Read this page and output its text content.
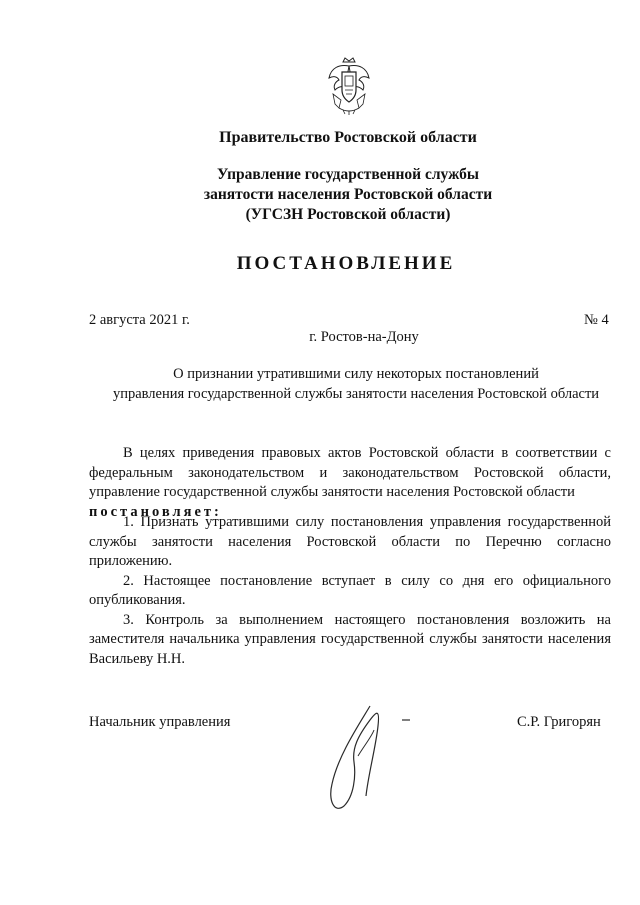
Правительство Ростовской области
Управление государственной службы
занятости населения Ростовской области
(УГСЗН Ростовской области)
ПОСТАНОВЛЕНИЕ
2 августа 2021 г.	№ 4
г. Ростов-на-Дону
О признании утратившими силу некоторых постановлений
управления государственной службы занятости населения Ростовской области

В целях приведения правовых актов Ростовской области в соответствии с федеральным законодательством и законодательством Ростовской области, управление государственной службы занятости населения Ростовской области

постановляет:

1. Признать утратившими силу постановления управления государственной службы занятости населения Ростовской области по Перечню согласно приложению.

2. Настоящее постановление вступает в силу со дня его официального опубликования.

3. Контроль за выполнением настоящего постановления возложить на заместителя начальника управления государственной службы занятости населения Васильеву Н.Н.

Начальник управления	С.Р. Григорян
